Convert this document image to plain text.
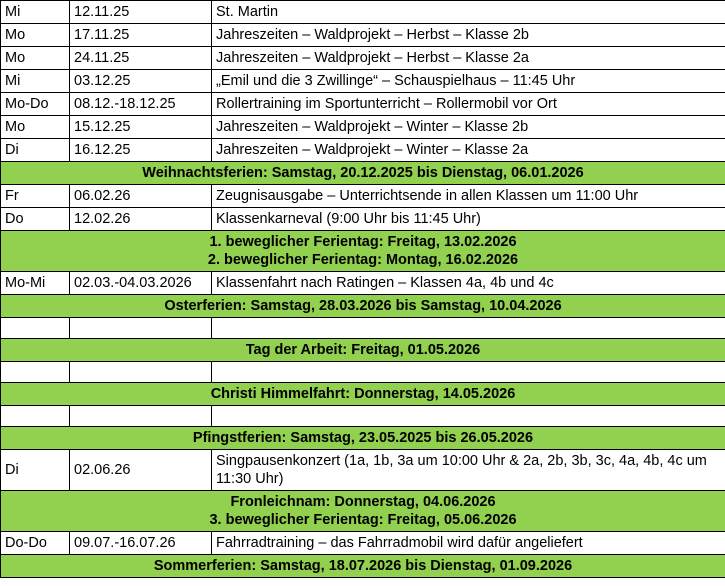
Mi	12.11.25	St. Martin
Mo	17.11.25	Jahreszeiten – Waldprojekt – Herbst – Klasse 2b
Mo	24.11.25	Jahreszeiten – Waldprojekt – Herbst – Klasse 2a
Mi	03.12.25	„Emil und die 3 Zwillinge“ – Schauspielhaus – 11:45 Uhr
Mo-Do	08.12.-18.12.25	Rollertraining im Sportunterricht – Rollermobil vor Ort
Mo	15.12.25	Jahreszeiten – Waldprojekt – Winter – Klasse 2b
Di	16.12.25	Jahreszeiten – Waldprojekt – Winter – Klasse 2a

Weihnachtsferien: Samstag, 20.12.2025 bis Dienstag, 06.01.2026		

Fr	06.02.26	Zeugnisausgabe – Unterrichtsende in allen Klassen um 11:00 Uhr
Do	12.02.26	Klassenkarneval (9:00 Uhr bis 11:45 Uhr)

1. beweglicher Ferientag: Freitag, 13.02.2026
2. beweglicher Ferientag: Montag, 16.02.2026		

Mo-Mi	02.03.-04.03.2026	Klassenfahrt nach Ratingen – Klassen 4a, 4b und 4c

Osterferien: Samstag, 28.03.2026 bis Samstag, 10.04.2026		

Tag der Arbeit: Freitag, 01.05.2026		

Christi Himmelfahrt: Donnerstag, 14.05.2026		

Pfingstferien: Samstag, 23.05.2025 bis 26.05.2026		

Di	02.06.26	Singpausenkonzert (1a, 1b, 3a um 10:00 Uhr & 2a, 2b, 3b, 3c, 4a, 4b, 4c um 11:30 Uhr)

Fronleichnam: Donnerstag, 04.06.2026
3. beweglicher Ferientag: Freitag, 05.06.2026		

Do-Do	09.07.-16.07.26	Fahrradtraining – das Fahrradmobil wird dafür angeliefert

Sommerferien: Samstag, 18.07.2026 bis Dienstag, 01.09.2026		
